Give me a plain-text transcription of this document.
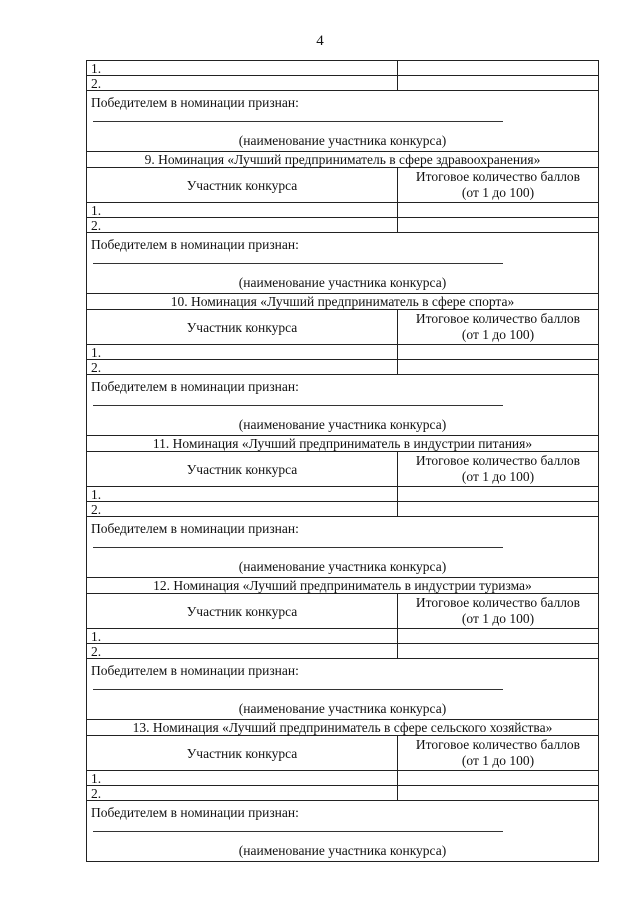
4
1.
2.
Победителем в номинации признан:
(наименование участника конкурса)
9. Номинация «Лучший предприниматель в сфере здравоохранения»
Участник конкурса
Итоговое количество баллов
(от 1 до 100)
1.
2.
Победителем в номинации признан:
(наименование участника конкурса)
10. Номинация «Лучший предприниматель в сфере спорта»
Участник конкурса
Итоговое количество баллов
(от 1 до 100)
1.
2.
Победителем в номинации признан:
(наименование участника конкурса)
11. Номинация «Лучший предприниматель в индустрии питания»
Участник конкурса
Итоговое количество баллов
(от 1 до 100)
1.
2.
Победителем в номинации признан:
(наименование участника конкурса)
12. Номинация «Лучший предприниматель в индустрии туризма»
Участник конкурса
Итоговое количество баллов
(от 1 до 100)
1.
2.
Победителем в номинации признан:
(наименование участника конкурса)
13. Номинация «Лучший предприниматель в сфере сельского хозяйства»
Участник конкурса
Итоговое количество баллов
(от 1 до 100)
1.
2.
Победителем в номинации признан:
(наименование участника конкурса)
